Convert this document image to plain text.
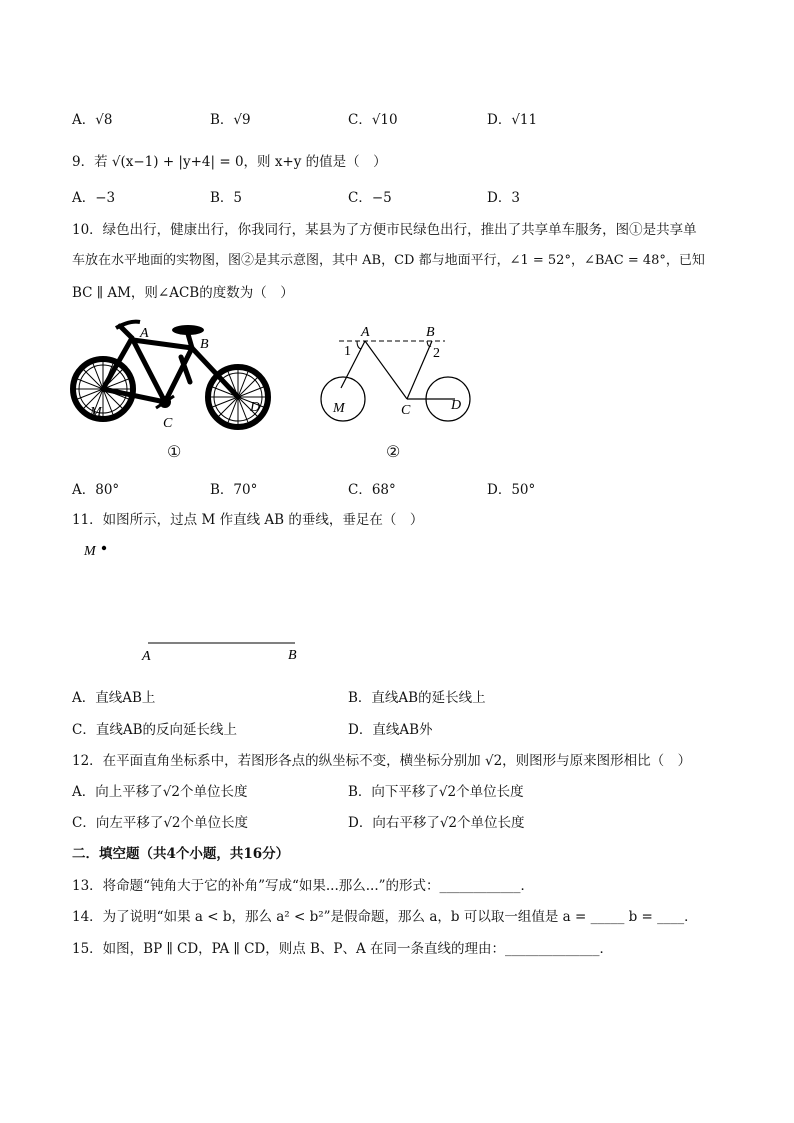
A．√8	B．√9	C．√10	D．√11
9．若 √(x−1) + |y+4| = 0，则 x+y 的值是（　）
A．−3	B．5	C．−5	D．3
10．绿色出行，健康出行，你我同行，某县为了方便市民绿色出行，推出了共享单车服务，图①是共享单
车放在水平地面的实物图，图②是其示意图，其中 AB，CD 都与地面平行，∠1 = 52°，∠BAC = 48°，已知
BC ∥ AM，则∠ACB的度数为（　）
A
B
C
D
M
①
A	B
1	2
C	D
M
②
A．80°	B．70°	C．68°	D．50°
11．如图所示，过点 M 作直线 AB 的垂线，垂足在（　）
M
A	B
A．直线AB上	B．直线AB的延长线上
C．直线AB的反向延长线上	D．直线AB外
12．在平面直角坐标系中，若图形各点的纵坐标不变，横坐标分别加 √2，则图形与原来图形相比（　）
A．向上平移了√2个单位长度	B．向下平移了√2个单位长度
C．向左平移了√2个单位长度	D．向右平移了√2个单位长度
二．填空题（共4个小题，共16分）
13．将命题“钝角大于它的补角”写成“如果...那么...”的形式：____________．
14．为了说明“如果 a < b，那么 a² < b²”是假命题，那么 a，b 可以取一组值是 a = _____ b = ____．
15．如图，BP ∥ CD，PA ∥ CD，则点 B、P、A 在同一条直线的理由：______________．
